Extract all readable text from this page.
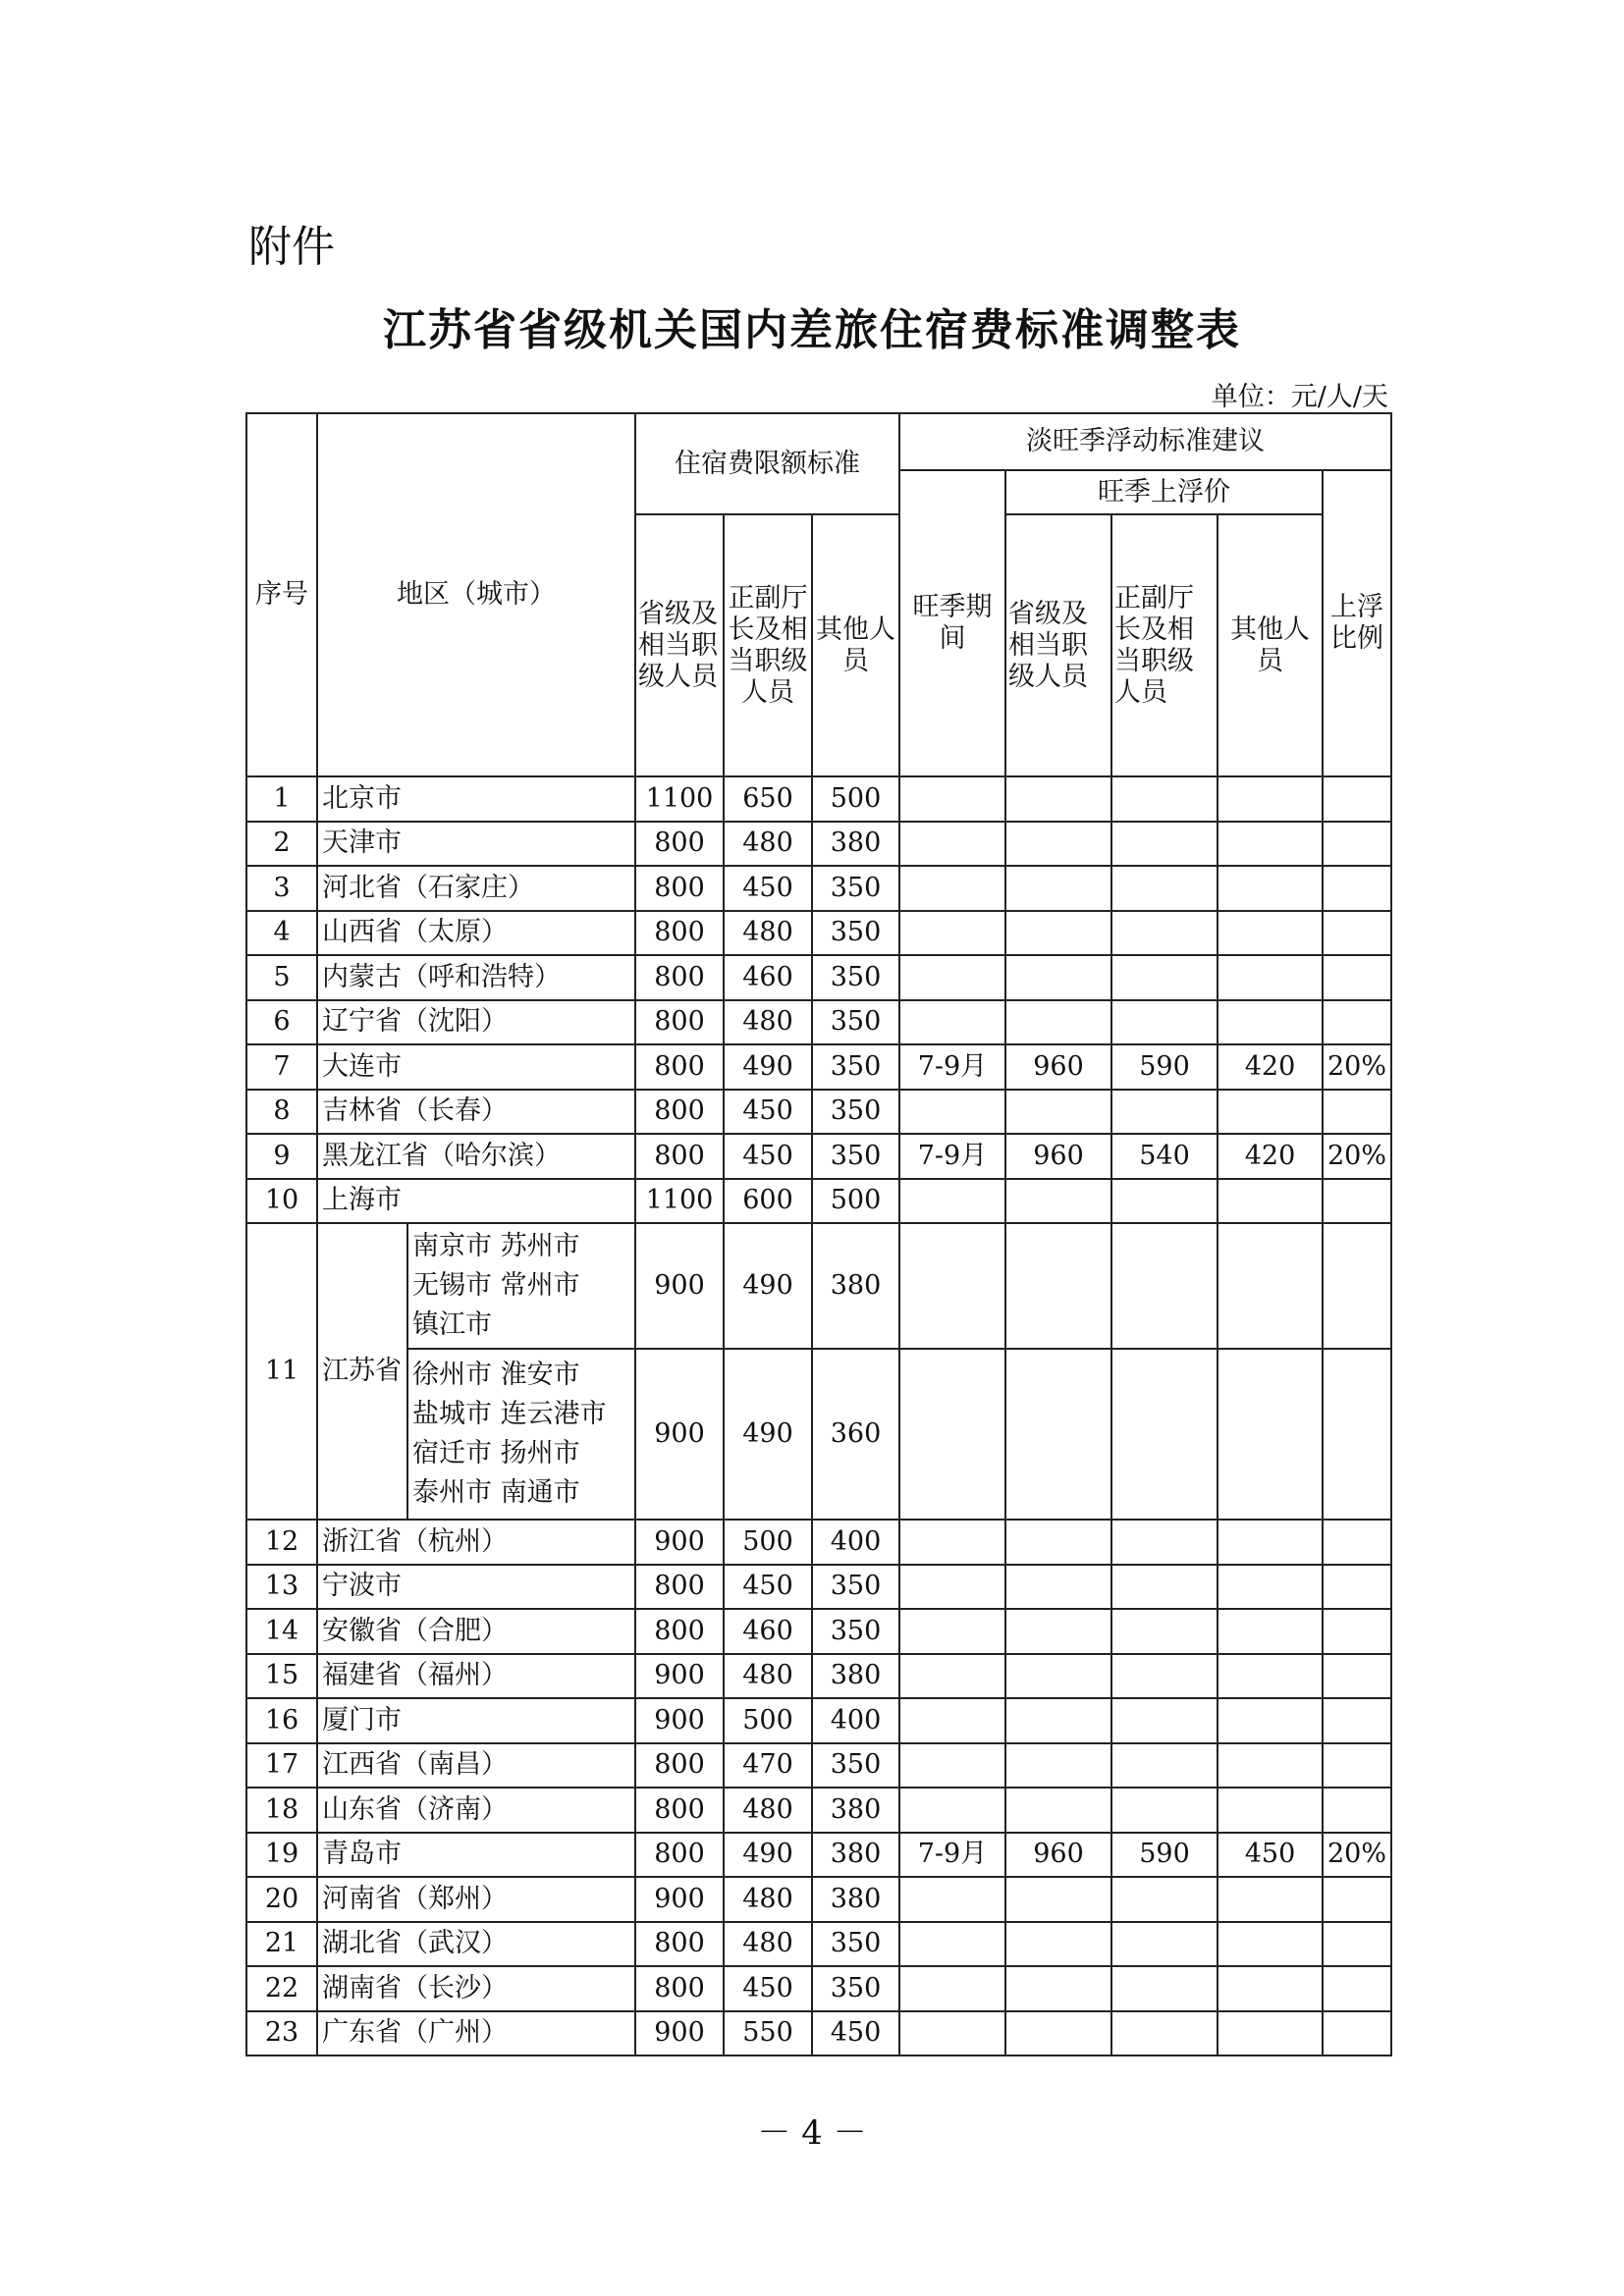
附件
江苏省省级机关国内差旅住宿费标准调整表
单位：元/人/天
序号	地区（城市）		住宿费限额标准			淡旺季浮动标准建议				
						旺季期间	旺季上浮价			上浮比例
			省级及相当职级人员	正副厅长及相当职级人员	其他人员		省级及相当职级人员	正副厅长及相当职级人员	其他人员	

1	北京市		1100	650	500					
2	天津市		800	480	380					
3	河北省（石家庄）		800	450	350					
4	山西省（太原）		800	480	350					
5	内蒙古（呼和浩特）		800	460	350					
6	辽宁省（沈阳）		800	480	350					
7	大连市		800	490	350	7-9月	960	590	420	20%
8	吉林省（长春）		800	450	350					
9	黑龙江省（哈尔滨）		800	450	350	7-9月	960	540	420	20%
10	上海市		1100	600	500					
11	江苏省	南京市 苏州市
无锡市 常州市
镇江市	900	490	380					

		徐州市 淮安市
盐城市 连云港市
宿迁市 扬州市
泰州市 南通市	900	490	360					
12	浙江省（杭州）		900	500	400					
13	宁波市		800	450	350					
14	安徽省（合肥）		800	460	350					
15	福建省（福州）		900	480	380					
16	厦门市		900	500	400					
17	江西省（南昌）		800	470	350					
18	山东省（济南）		800	480	380					
19	青岛市		800	490	380	7-9月	960	590	450	20%
20	河南省（郑州）		900	480	380					
21	湖北省（武汉）		800	480	350					
22	湖南省（长沙）		800	450	350					
23	广东省（广州）		900	550	450					
－ 4 －
